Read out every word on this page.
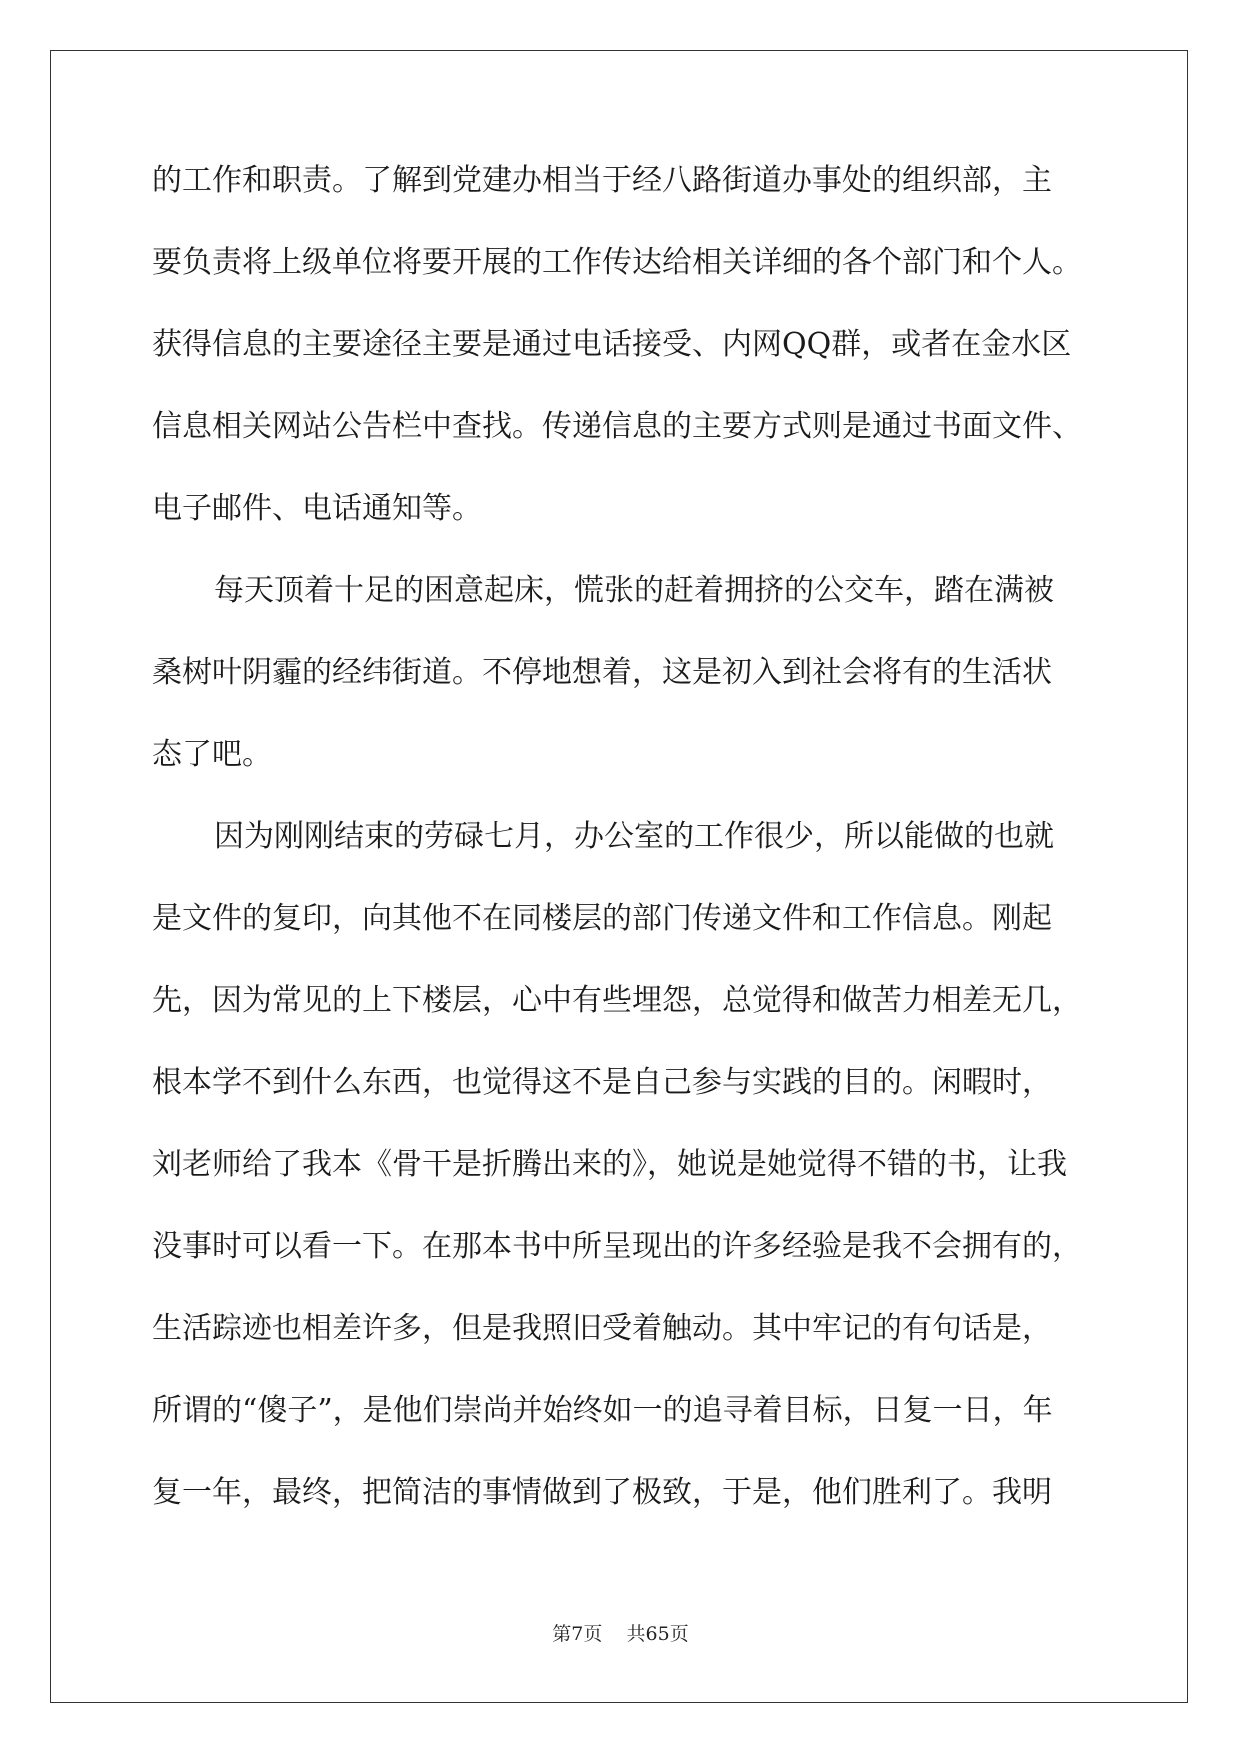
的工作和职责。了解到党建办相当于经八路街道办事处的组织部，主
要负责将上级单位将要开展的工作传达给相关详细的各个部门和个人。
获得信息的主要途径主要是通过电话接受、内网QQ群，或者在金水区
信息相关网站公告栏中查找。传递信息的主要方式则是通过书面文件、
电子邮件、电话通知等。
每天顶着十足的困意起床，慌张的赶着拥挤的公交车，踏在满被
桑树叶阴霾的经纬街道。不停地想着，这是初入到社会将有的生活状
态了吧。
因为刚刚结束的劳碌七月，办公室的工作很少，所以能做的也就
是文件的复印，向其他不在同楼层的部门传递文件和工作信息。刚起
先，因为常见的上下楼层，心中有些埋怨，总觉得和做苦力相差无几，
根本学不到什么东西，也觉得这不是自己参与实践的目的。闲暇时，
刘老师给了我本《骨干是折腾出来的》，她说是她觉得不错的书，让我
没事时可以看一下。在那本书中所呈现出的许多经验是我不会拥有的，
生活踪迹也相差许多，但是我照旧受着触动。其中牢记的有句话是，
所谓的“傻子”，是他们崇尚并始终如一的追寻着目标，日复一日，年
复一年，最终，把简洁的事情做到了极致，于是，他们胜利了。我明
第7页 共65页
